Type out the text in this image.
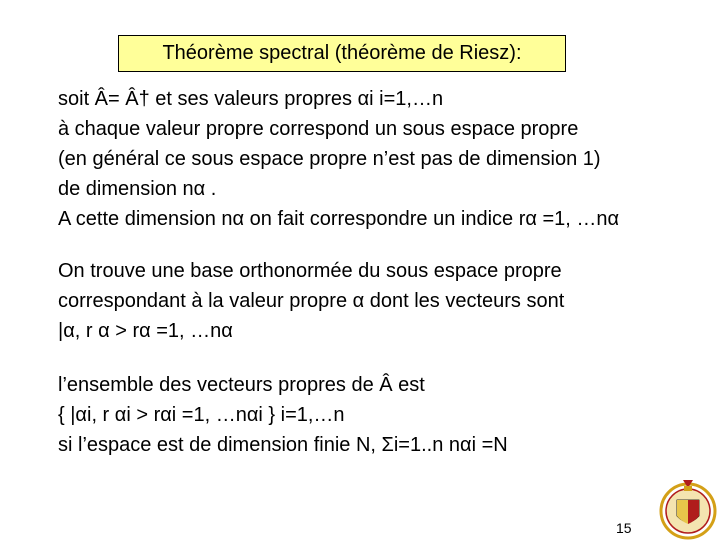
Théorème spectral (théorème de Riesz):
soit Â= Â† et ses valeurs propres αi i=1,…n
à chaque valeur propre correspond un sous espace propre
(en général ce sous espace propre n’est pas de dimension 1)
de dimension nα .
A cette dimension nα on fait correspondre un indice rα =1, …nα
On trouve une base orthonormée du sous espace propre
correspondant à la valeur propre α dont les vecteurs sont
|α, r α > rα =1, …nα
l’ensemble des vecteurs propres de Â est
{ |αi, r αi > rαi =1, …nαi } i=1,…n
si l’espace est de dimension finie N, Σi=1..n nαi =N
15
